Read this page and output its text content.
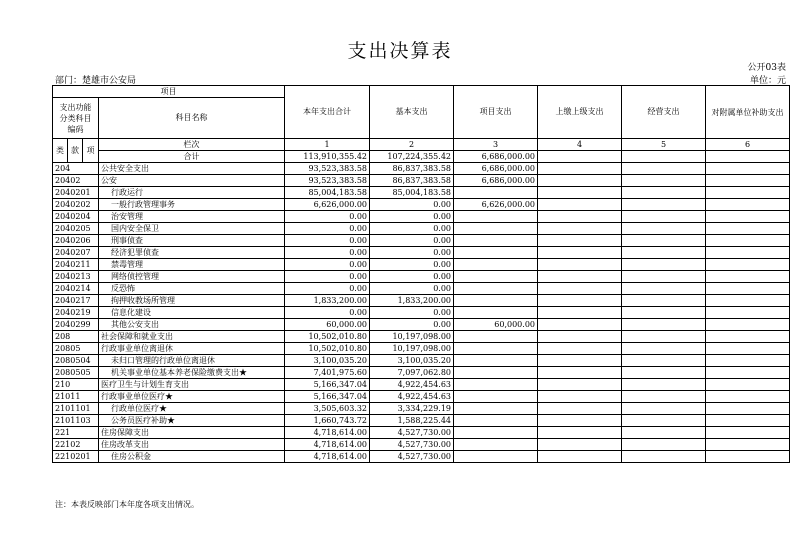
支出决算表
公开03表
部门：楚雄市公安局	单位：元
项目				本年支出合计	基本支出	项目支出	上缴上级支出	经营支出	对附属单位补助支出
支出功能分类科目编码			科目名称						

类	款	项	栏次	1	2	3	4	5	6
			合计	113,910,355.42	107,224,355.42	6,686,000.00			
204			公共安全支出	93,523,383.58	86,837,383.58	6,686,000.00			
20402			公安	93,523,383.58	86,837,383.58	6,686,000.00			
2040201			行政运行	85,004,183.58	85,004,183.58				
2040202			一般行政管理事务	6,626,000.00	0.00	6,626,000.00			
2040204			治安管理	0.00	0.00				
2040205			国内安全保卫	0.00	0.00				
2040206			刑事侦查	0.00	0.00				
2040207			经济犯罪侦查	0.00	0.00				
2040211			禁毒管理	0.00	0.00				
2040213			网络侦控管理	0.00	0.00				
2040214			反恐怖	0.00	0.00				
2040217			拘押收教场所管理	1,833,200.00	1,833,200.00				
2040219			信息化建设	0.00	0.00				
2040299			其他公安支出	60,000.00	0.00	60,000.00			
208			社会保障和就业支出	10,502,010.80	10,197,098.00				
20805			行政事业单位离退休	10,502,010.80	10,197,098.00				
2080504			未归口管理的行政单位离退休	3,100,035.20	3,100,035.20				
2080505			机关事业单位基本养老保险缴费支出★	7,401,975.60	7,097,062.80				
210			医疗卫生与计划生育支出	5,166,347.04	4,922,454.63				
21011			行政事业单位医疗★	5,166,347.04	4,922,454.63				
2101101			行政单位医疗★	3,505,603.32	3,334,229.19				
2101103			公务员医疗补助★	1,660,743.72	1,588,225.44				
221			住房保障支出	4,718,614.00	4,527,730.00				
22102			住房改革支出	4,718,614.00	4,527,730.00				
2210201			住房公积金	4,718,614.00	4,527,730.00				
注：本表反映部门本年度各项支出情况。
